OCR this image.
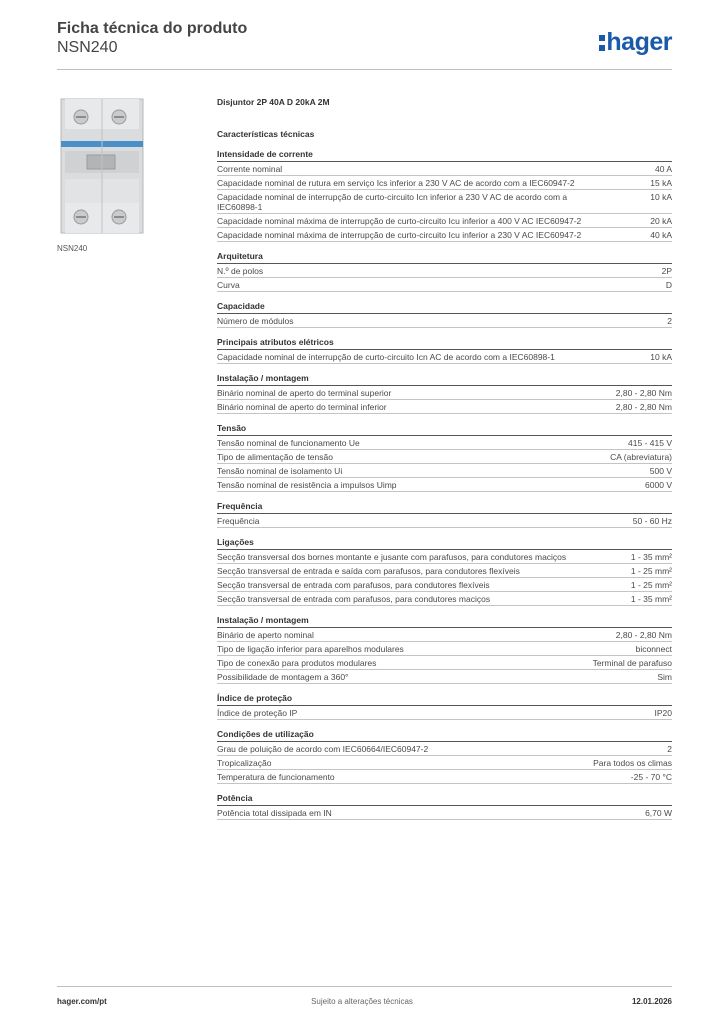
Ficha técnica do produto
NSN240	hager
NSN240
Disjuntor 2P 40A D 20kA 2M
Características técnicas
Intensidade de corrente
Corrente nominal	40 A
Capacidade nominal de rutura em serviço Ics inferior a 230 V AC de acordo com a IEC60947-2	15 kA
Capacidade nominal de interrupção de curto-circuito Icn inferior a 230 V AC de acordo com a IEC60898-1
10 kA
Capacidade nominal máxima de interrupção de curto-circuito Icu inferior a 400 V AC IEC60947-2	20 kA
Capacidade nominal máxima de interrupção de curto-circuito Icu inferior a 230 V AC IEC60947-2	40 kA
Arquitetura
N.º de polos	2P
Curva	D
Capacidade
Número de módulos	2
Principais atributos elétricos
Capacidade nominal de interrupção de curto-circuito Icn AC de acordo com a IEC60898-1	10 kA
Instalação / montagem
Binário nominal de aperto do terminal superior	2,80 - 2,80 Nm
Binário nominal de aperto do terminal inferior	2,80 - 2,80 Nm
Tensão
Tensão nominal de funcionamento Ue	415 - 415 V
Tipo de alimentação de tensão	CA (abreviatura)
Tensão nominal de isolamento Ui	500 V
Tensão nominal de resistência a impulsos Uimp	6000 V
Frequência
Frequência	50 - 60 Hz
Ligações
Secção transversal dos bornes montante e jusante com parafusos, para condutores maciços	1 - 35 mm²
Secção transversal de entrada e saída com parafusos, para condutores flexíveis	1 - 25 mm²
Secção transversal de entrada com parafusos, para condutores flexíveis	1 - 25 mm²
Secção transversal de entrada com parafusos, para condutores maciços	1 - 35 mm²
Instalação / montagem
Binário de aperto nominal	2,80 - 2,80 Nm
Tipo de ligação inferior para aparelhos modulares	biconnect
Tipo de conexão para produtos modulares	Terminal de parafuso
Possibilidade de montagem a 360°	Sim
Índice de proteção
Índice de proteção IP	IP20
Condições de utilização
Grau de poluição de acordo com IEC60664/IEC60947-2	2
Tropicalização	Para todos os climas
Temperatura de funcionamento	-25 - 70 °C
Potência
Potência total dissipada em IN	6,70 W
hager.com/pt	Sujeito a alterações técnicas	12.01.2026
